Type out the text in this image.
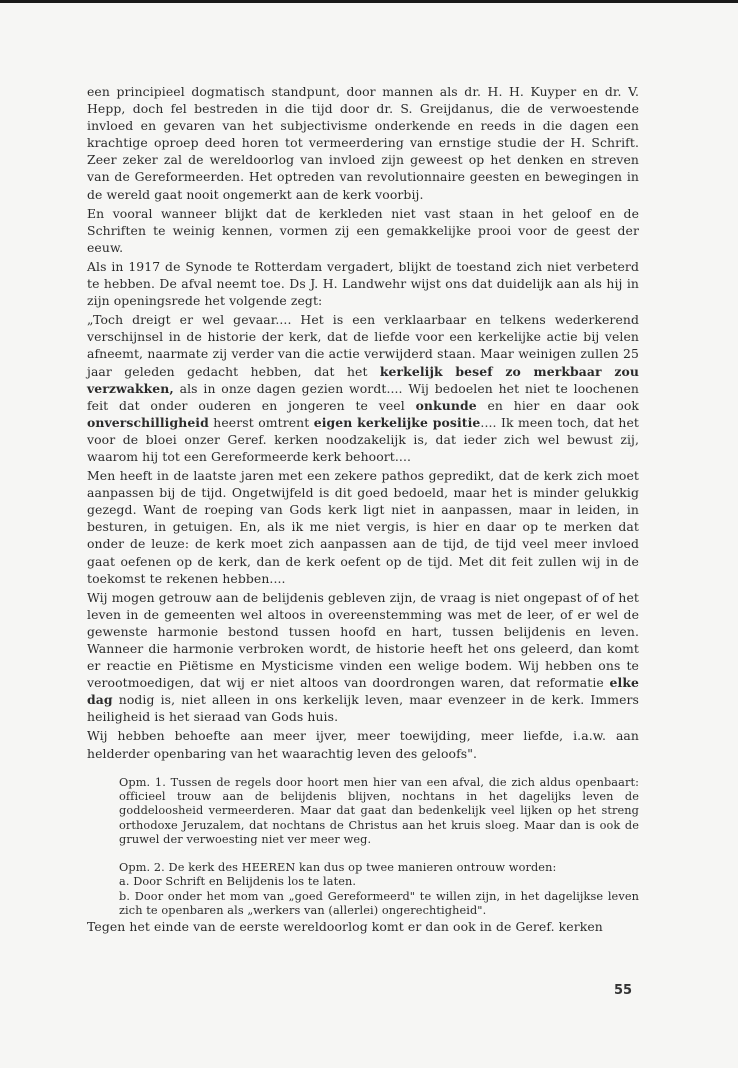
een principieel dogmatisch standpunt, door mannen als dr. H. H. Kuyper en dr. V. Hepp, doch fel bestreden in die tijd door dr. S. Greijdanus, die de verwoestende invloed en gevaren van het subjectivisme onderkende en reeds in die dagen een krachtige oproep deed horen tot vermeerdering van ernstige studie der H. Schrift. Zeer zeker zal de wereldoorlog van invloed zijn geweest op het denken en streven van de Gereformeerden. Het optreden van revolutionnaire geesten en bewegingen in de wereld gaat nooit ongemerkt aan de kerk voorbij.

En vooral wanneer blijkt dat de kerkleden niet vast staan in het geloof en de Schriften te weinig kennen, vormen zij een gemakkelijke prooi voor de geest der eeuw.

Als in 1917 de Synode te Rotterdam vergadert, blijkt de toestand zich niet verbeterd te hebben. De afval neemt toe. Ds J. H. Landwehr wijst ons dat duidelijk aan als hij in zijn openingsrede het volgende zegt:

„Toch dreigt er wel gevaar.... Het is een verklaarbaar en telkens wederkerend verschijnsel in de historie der kerk, dat de liefde voor een kerkelijke actie bij velen afneemt, naarmate zij verder van die actie verwijderd staan. Maar weinigen zullen 25 jaar geleden gedacht hebben, dat het kerkelijk besef zo merkbaar zou verzwakken, als in onze dagen gezien wordt.... Wij bedoelen het niet te loochenen feit dat onder ouderen en jongeren te veel onkunde en hier en daar ook onverschilligheid heerst omtrent eigen kerkelijke positie.... Ik meen toch, dat het voor de bloei onzer Geref. kerken noodzakelijk is, dat ieder zich wel bewust zij, waarom hij tot een Gereformeerde kerk behoort....

Men heeft in de laatste jaren met een zekere pathos gepredikt, dat de kerk zich moet aanpassen bij de tijd. Ongetwijfeld is dit goed bedoeld, maar het is minder gelukkig gezegd. Want de roeping van Gods kerk ligt niet in aanpassen, maar in leiden, in besturen, in getuigen. En, als ik me niet vergis, is hier en daar op te merken dat onder de leuze: de kerk moet zich aanpassen aan de tijd, de tijd veel meer invloed gaat oefenen op de kerk, dan de kerk oefent op de tijd. Met dit feit zullen wij in de toekomst te rekenen hebben....

Wij mogen getrouw aan de belijdenis gebleven zijn, de vraag is niet ongepast of of het leven in de gemeenten wel altoos in overeenstemming was met de leer, of er wel de gewenste harmonie bestond tussen hoofd en hart, tussen belijdenis en leven. Wanneer die harmonie verbroken wordt, de historie heeft het ons geleerd, dan komt er reactie en Piëtisme en Mysticisme vinden een welige bodem. Wij hebben ons te verootmoedigen, dat wij er niet altoos van doordrongen waren, dat reformatie elke dag nodig is, niet alleen in ons kerkelijk leven, maar evenzeer in de kerk. Immers heiligheid is het sieraad van Gods huis.

Wij hebben behoefte aan meer ijver, meer toewijding, meer liefde, i.a.w. aan helderder openbaring van het waarachtig leven des geloofs".

Opm. 1. Tussen de regels door hoort men hier van een afval, die zich aldus openbaart: officieel trouw aan de belijdenis blijven, nochtans in het dagelijks leven de goddeloosheid vermeerderen. Maar dat gaat dan bedenkelijk veel lijken op het streng orthodoxe Jeruzalem, dat nochtans de Christus aan het kruis sloeg. Maar dan is ook de gruwel der verwoesting niet ver meer weg.

Opm. 2. De kerk des HEEREN kan dus op twee manieren ontrouw worden:

a. Door Schrift en Belijdenis los te laten.

b. Door onder het mom van „goed Gereformeerd" te willen zijn, in het dagelijkse leven zich te openbaren als „werkers van (allerlei) ongerechtigheid".

Tegen het einde van de eerste wereldoorlog komt er dan ook in de Geref. kerken

55
